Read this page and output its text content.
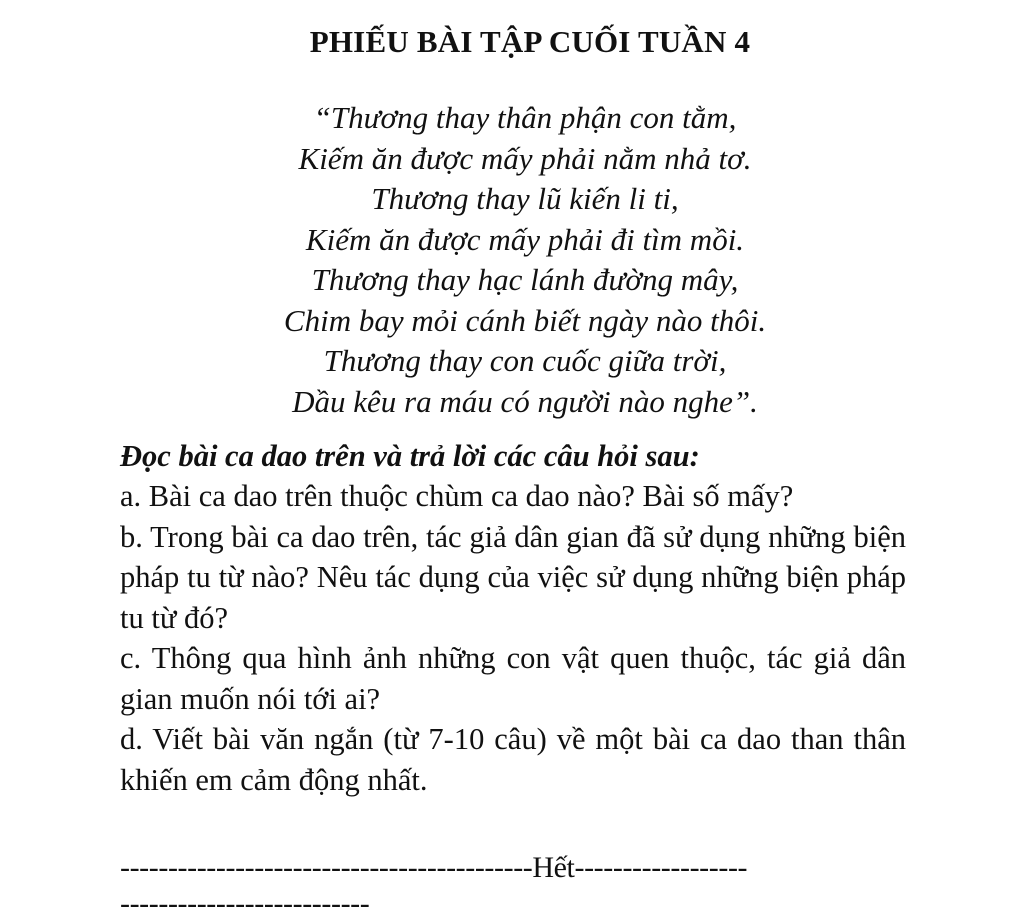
PHIẾU BÀI TẬP CUỐI TUẦN 4
“Thương thay thân phận con tằm,
Kiếm ăn được mấy phải nằm nhả tơ.
Thương thay lũ kiến li ti,
Kiếm ăn được mấy phải đi tìm mồi.
Thương thay hạc lánh đường mây,
Chim bay mỏi cánh biết ngày nào thôi.
Thương thay con cuốc giữa trời,
Dầu kêu ra máu có người nào nghe”.
Đọc bài ca dao trên và trả lời các câu hỏi sau:
a. Bài ca dao trên thuộc chùm ca dao nào? Bài số mấy?
b. Trong bài ca dao trên, tác giả dân gian đã sử dụng những biện pháp tu từ nào? Nêu tác dụng của việc sử dụng những biện pháp tu từ đó?
c. Thông qua hình ảnh những con vật quen thuộc, tác giả dân gian muốn nói tới ai?
d. Viết bài văn ngắn (từ 7-10 câu) về một bài ca dao than thân khiến em cảm động nhất.
-------------------------------------------Hết------------------
--------------------------
